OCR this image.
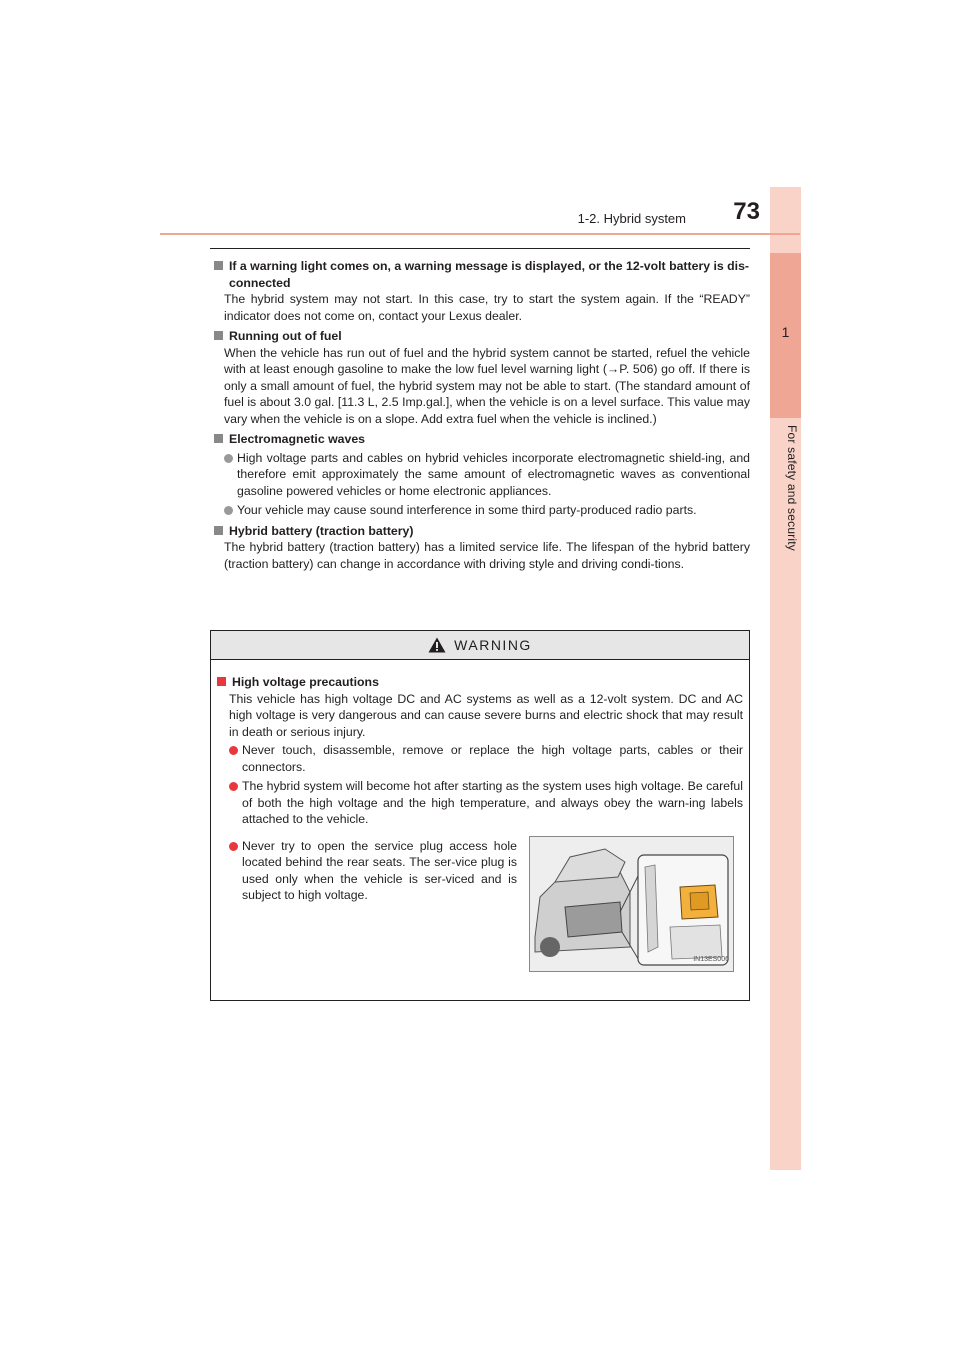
1
For safety and security
1-2. Hybrid system	73
If a warning light comes on, a warning message is displayed, or the 12-volt battery is dis-connected
The hybrid system may not start. In this case, try to start the system again. If the “READY” indicator does not come on, contact your Lexus dealer.
Running out of fuel
When the vehicle has run out of fuel and the hybrid system cannot be started, refuel the vehicle with at least enough gasoline to make the low fuel level warning light (→P. 506) go off. If there is only a small amount of fuel, the hybrid system may not be able to start. (The standard amount of fuel is about 3.0 gal. [11.3 L, 2.5 Imp.gal.], when the vehicle is on a level surface. This value may vary when the vehicle is on a slope. Add extra fuel when the vehicle is inclined.)
Electromagnetic waves
High voltage parts and cables on hybrid vehicles incorporate electromagnetic shield-ing, and therefore emit approximately the same amount of electromagnetic waves as conventional gasoline powered vehicles or home electronic appliances.
Your vehicle may cause sound interference in some third party-produced radio parts.
Hybrid battery (traction battery)
The hybrid battery (traction battery) has a limited service life. The lifespan of the hybrid battery (traction battery) can change in accordance with driving style and driving condi-tions.
WARNING
High voltage precautions
This vehicle has high voltage DC and AC systems as well as a 12-volt system. DC and AC high voltage is very dangerous and can cause severe burns and electric shock that may result in death or serious injury.
Never touch, disassemble, remove or replace the high voltage parts, cables or their connectors.
The hybrid system will become hot after starting as the system uses high voltage. Be careful of both the high voltage and the high temperature, and always obey the warn-ing labels attached to the vehicle.
Never try to open the service plug access hole located behind the rear seats. The ser-vice plug is used only when the vehicle is ser-viced and is subject to high voltage.
IN13ES006
